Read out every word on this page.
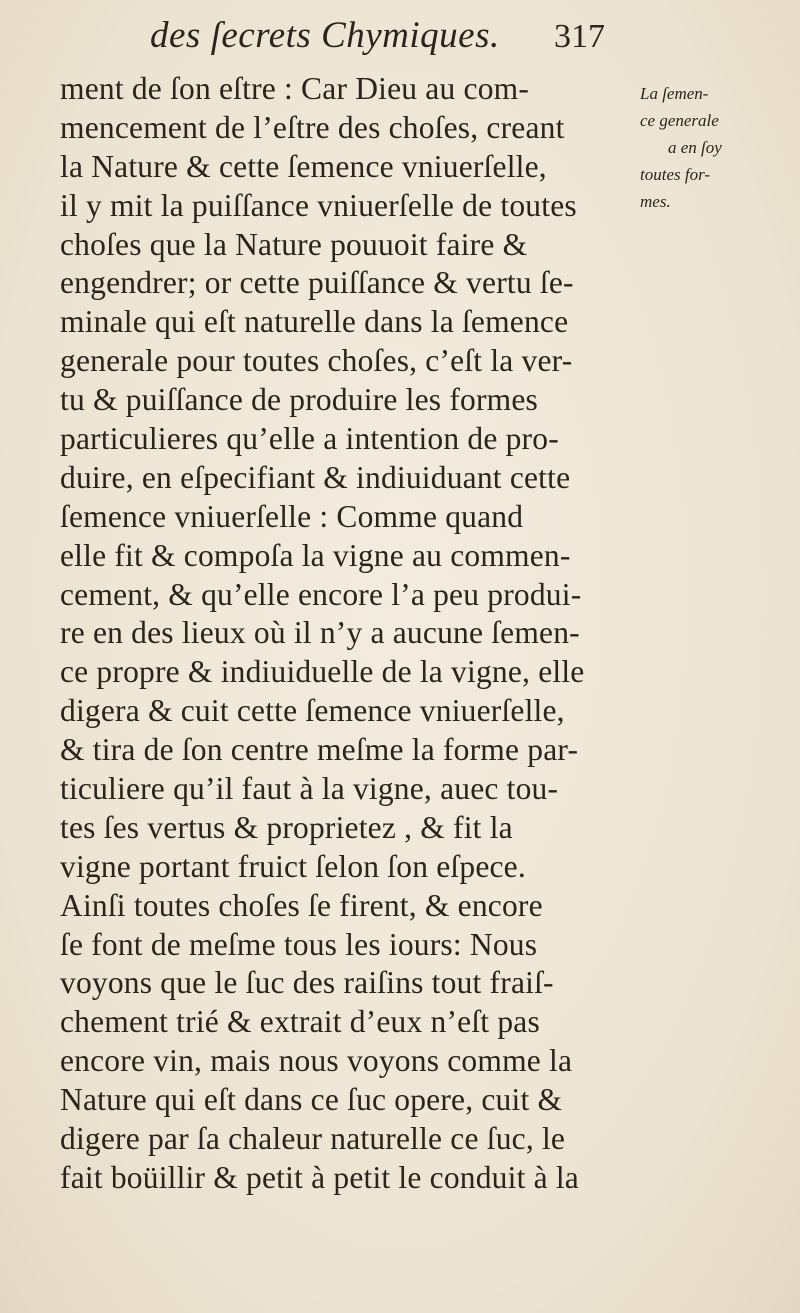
des ſecrets Chymiques. 317
ment de ſon eſtre : Car Dieu au com-
mencement de l’eſtre des choſes, creant
la Nature & cette ſemence vniuerſelle,
il y mit la puiſſance vniuerſelle de toutes
choſes que la Nature pouuoit faire &
engendrer; or cette puiſſance & vertu ſe-
minale qui eſt naturelle dans la ſemence
generale pour toutes choſes, c’eſt la ver-
tu & puiſſance de produire les formes
particulieres qu’elle a intention de pro-
duire, en eſpecifiant & indiuiduant cette
ſemence vniuerſelle : Comme quand
elle fit & compoſa la vigne au commen-
cement, & qu’elle encore l’a peu produi-
re en des lieux où il n’y a aucune ſemen-
ce propre & indiuiduelle de la vigne, elle
digera & cuit cette ſemence vniuerſelle,
& tira de ſon centre meſme la forme par-
ticuliere qu’il faut à la vigne, auec tou-
tes ſes vertus & proprietez , & fit la
vigne portant fruict ſelon ſon eſpece.
Ainſi toutes choſes ſe firent, & encore
ſe font de meſme tous les iours: Nous
voyons que le ſuc des raiſins tout fraiſ-
chement trié & extrait d’eux n’eſt pas
encore vin, mais nous voyons comme la
Nature qui eſt dans ce ſuc opere, cuit &
digere par ſa chaleur naturelle ce ſuc, le
fait boüillir & petit à petit le conduit à la
La ſemen-
ce generale
a en ſoy
toutes for-
mes.
